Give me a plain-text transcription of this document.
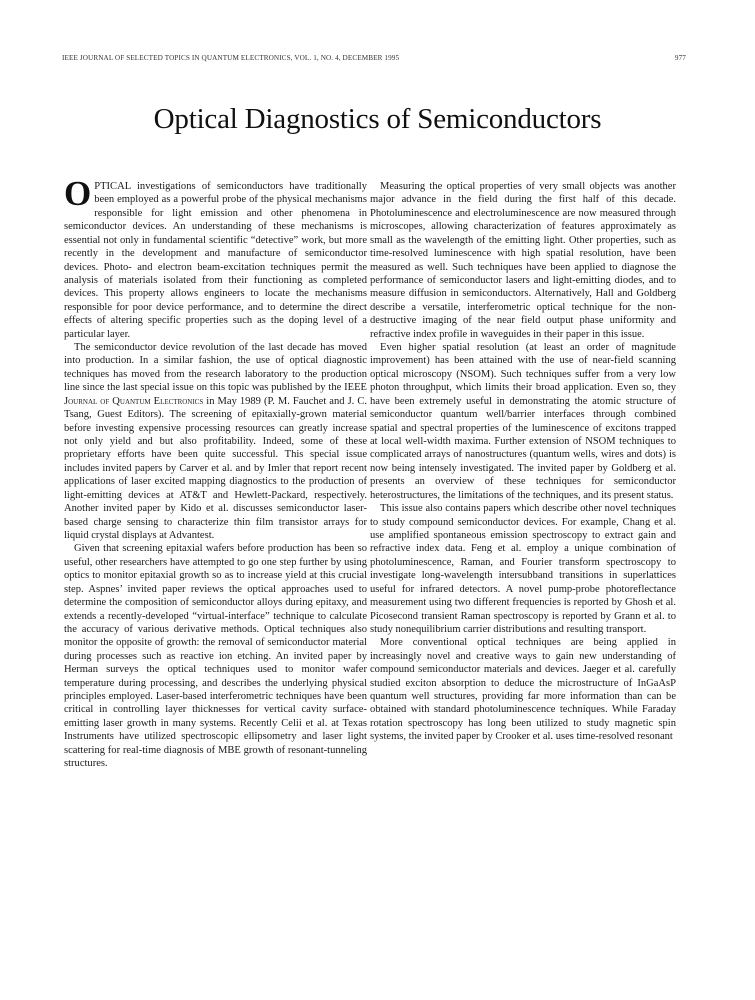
IEEE JOURNAL OF SELECTED TOPICS IN QUANTUM ELECTRONICS, VOL. 1, NO. 4, DECEMBER 1995	977
Optical Diagnostics of Semiconductors

OPTICAL investigations of semiconductors have traditionally been employed as a powerful probe of the physical mechanisms responsible for light emission and other phenomena in semiconductor devices. An understanding of these mechanisms is essential not only in fundamental scientific “detective” work, but more recently in the development and manufacture of semiconductor devices. Photo- and electron beam-excitation techniques permit the analysis of materials isolated from their functioning as completed devices. This property allows engineers to locate the mechanisms responsible for poor device performance, and to determine the direct effects of altering specific properties such as the doping level of a particular layer.

The semiconductor device revolution of the last decade has moved into production. In a similar fashion, the use of optical diagnostic techniques has moved from the research laboratory to the production line since the last special issue on this topic was published by the IEEE Journal of Quantum Electronics in May 1989 (P. M. Fauchet and J. C. Tsang, Guest Editors). The screening of epitaxially-grown material before investing expensive processing resources can greatly increase not only yield and but also profitability. Indeed, some of these proprietary efforts have been quite successful. This special issue includes invited papers by Carver et al. and by Imler that report recent applications of laser excited mapping diagnostics to the production of light-emitting devices at AT&T and Hewlett-Packard, respectively. Another invited paper by Kido et al. discusses semiconductor laser-based charge sensing to characterize thin film transistor arrays for liquid crystal displays at Advantest.

Given that screening epitaxial wafers before production has been so useful, other researchers have attempted to go one step further by using optics to monitor epitaxial growth so as to increase yield at this crucial step. Aspnes’ invited paper reviews the optical approaches used to determine the composition of semiconductor alloys during epitaxy, and extends a recently-developed “virtual-interface” technique to calculate the accuracy of various derivative methods. Optical techniques also monitor the opposite of growth: the removal of semiconductor material during processes such as reactive ion etching. An invited paper by Herman surveys the optical techniques used to monitor wafer temperature during processing, and describes the underlying physical principles employed. Laser-based interferometric techniques have been critical in controlling layer thicknesses for vertical cavity surface-emitting laser growth in many systems. Recently Celii et al. at Texas Instruments have utilized spectroscopic ellipsometry and laser light scattering for real-time diagnosis of MBE growth of resonant-tunneling structures.

Measuring the optical properties of very small objects was another major advance in the field during the first half of this decade. Photoluminescence and electroluminescence are now measured through microscopes, allowing characterization of features approximately as small as the wavelength of the emitting light. Other properties, such as time-resolved luminescence with high spatial resolution, have been measured as well. Such techniques have been applied to diagnose the performance of semiconductor lasers and light-emitting diodes, and to measure diffusion in semiconductors. Alternatively, Hall and Goldberg describe a versatile, interferometric optical technique for the non-destructive imaging of the near field output phase uniformity and refractive index profile in waveguides in their paper in this issue.

Even higher spatial resolution (at least an order of magnitude improvement) has been attained with the use of near-field scanning optical microscopy (NSOM). Such techniques suffer from a very low photon throughput, which limits their broad application. Even so, they have been extremely useful in demonstrating the atomic structure of semiconductor quantum well/barrier interfaces through combined spatial and spectral properties of the luminescence of excitons trapped at local well-width maxima. Further extension of NSOM techniques to complicated arrays of nanostructures (quantum wells, wires and dots) is now being intensely investigated. The invited paper by Goldberg et al. presents an overview of these techniques for semiconductor heterostructures, the limitations of the techniques, and its present status.

This issue also contains papers which describe other novel techniques to study compound semiconductor devices. For example, Chang et al. use amplified spontaneous emission spectroscopy to extract gain and refractive index data. Feng et al. employ a unique combination of photoluminescence, Raman, and Fourier transform spectroscopy to investigate long-wavelength intersubband transitions in superlattices useful for infrared detectors. A novel pump-probe photoreflectance measurement using two different frequencies is reported by Ghosh et al. Picosecond transient Raman spectroscopy is reported by Grann et al. to study nonequilibrium carrier distributions and resulting transport.

More conventional optical techniques are being applied in increasingly novel and creative ways to gain new understanding of compound semiconductor materials and devices. Jaeger et al. carefully studied exciton absorption to deduce the microstructure of InGaAsP quantum well structures, providing far more information than can be obtained with standard photoluminescence techniques. While Faraday rotation spectroscopy has long been utilized to study magnetic spin systems, the invited paper by Crooker et al. uses time-resolved resonant
